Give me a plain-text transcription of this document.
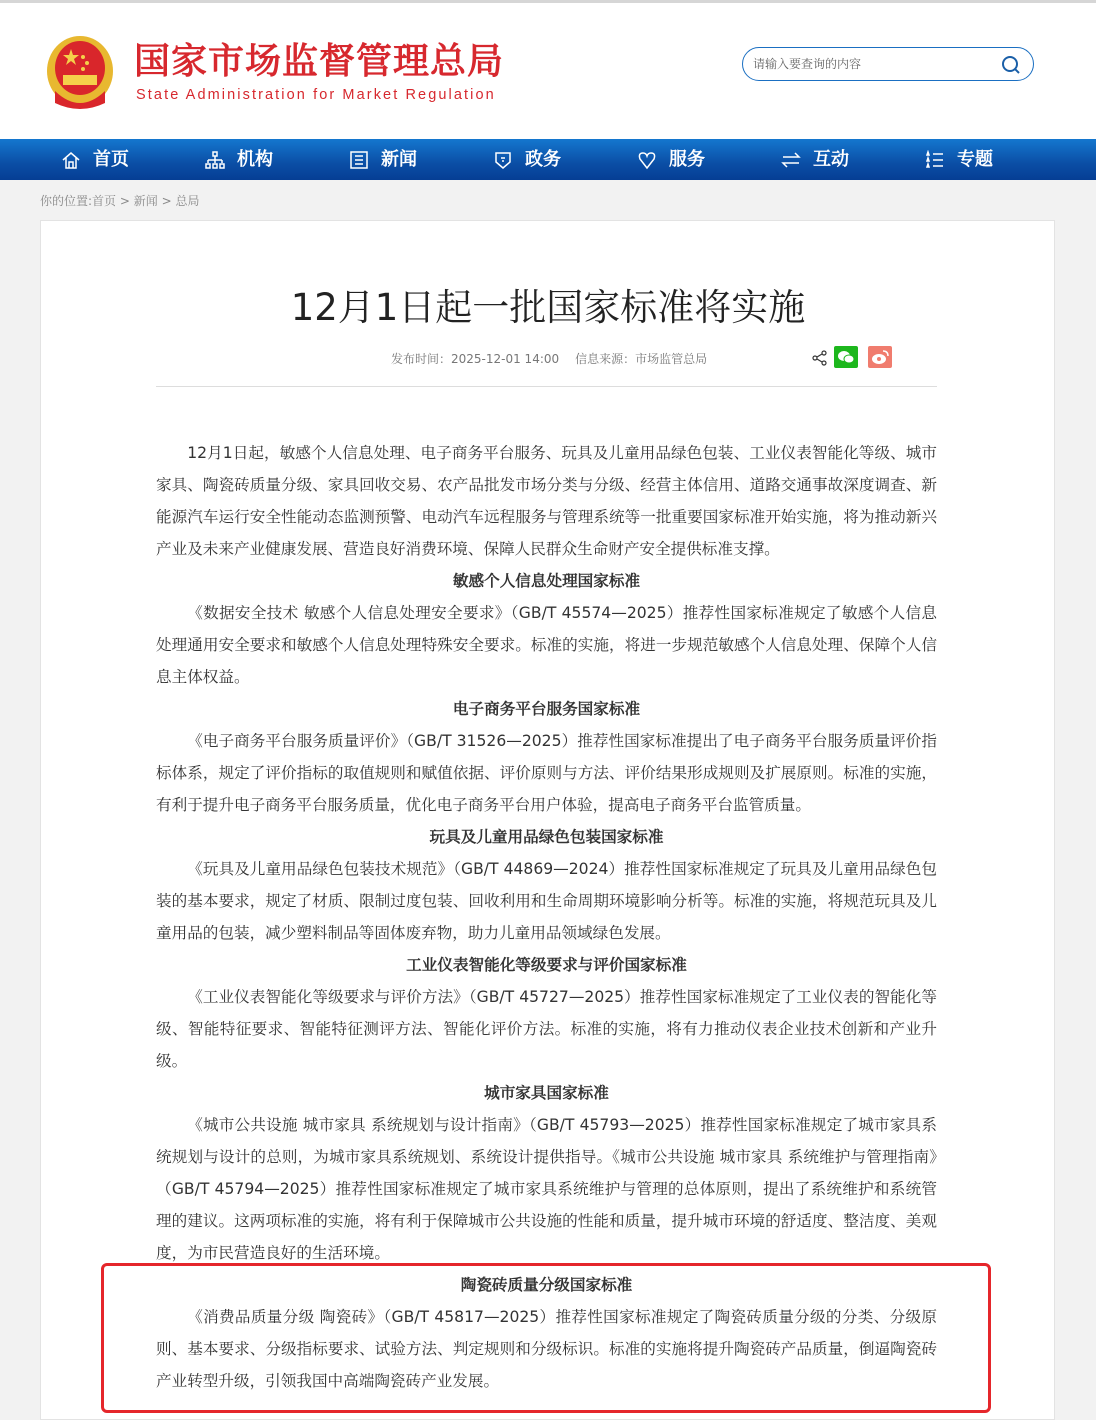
国家市场监督管理总局
State Administration for Market Regulation
请输入要查询的内容
首页	机构	新闻	政务	服务	互动	专题
你的位置:首页 > 新闻 > 总局
12月1日起一批国家标准将实施
发布时间：2025-12-01 14:00 信息来源：市场监管总局

12月1日起，敏感个人信息处理、电子商务平台服务、玩具及儿童用品绿色包装、工业仪表智能化等级、城市家具、陶瓷砖质量分级、家具回收交易、农产品批发市场分类与分级、经营主体信用、道路交通事故深度调查、新能源汽车运行安全性能动态监测预警、电动汽车远程服务与管理系统等一批重要国家标准开始实施，将为推动新兴产业及未来产业健康发展、营造良好消费环境、保障人民群众生命财产安全提供标准支撑。

敏感个人信息处理国家标准

《数据安全技术 敏感个人信息处理安全要求》（GB/T 45574—2025）推荐性国家标准规定了敏感个人信息处理通用安全要求和敏感个人信息处理特殊安全要求。标准的实施，将进一步规范敏感个人信息处理、保障个人信息主体权益。

电子商务平台服务国家标准

《电子商务平台服务质量评价》（GB/T 31526—2025）推荐性国家标准提出了电子商务平台服务质量评价指标体系，规定了评价指标的取值规则和赋值依据、评价原则与方法、评价结果形成规则及扩展原则。标准的实施，有利于提升电子商务平台服务质量，优化电子商务平台用户体验，提高电子商务平台监管质量。

玩具及儿童用品绿色包装国家标准

《玩具及儿童用品绿色包装技术规范》（GB/T 44869—2024）推荐性国家标准规定了玩具及儿童用品绿色包装的基本要求，规定了材质、限制过度包装、回收利用和生命周期环境影响分析等。标准的实施，将规范玩具及儿童用品的包装，减少塑料制品等固体废弃物，助力儿童用品领域绿色发展。

工业仪表智能化等级要求与评价国家标准

《工业仪表智能化等级要求与评价方法》（GB/T 45727—2025）推荐性国家标准规定了工业仪表的智能化等级、智能特征要求、智能特征测评方法、智能化评价方法。标准的实施，将有力推动仪表企业技术创新和产业升级。

城市家具国家标准

《城市公共设施 城市家具 系统规划与设计指南》（GB/T 45793—2025）推荐性国家标准规定了城市家具系统规划与设计的总则，为城市家具系统规划、系统设计提供指导。《城市公共设施 城市家具 系统维护与管理指南》（GB/T 45794—2025）推荐性国家标准规定了城市家具系统维护与管理的总体原则，提出了系统维护和系统管理的建议。这两项标准的实施，将有利于保障城市公共设施的性能和质量，提升城市环境的舒适度、整洁度、美观度，为市民营造良好的生活环境。

陶瓷砖质量分级国家标准

《消费品质量分级 陶瓷砖》（GB/T 45817—2025）推荐性国家标准规定了陶瓷砖质量分级的分类、分级原则、基本要求、分级指标要求、试验方法、判定规则和分级标识。标准的实施将提升陶瓷砖产品质量，倒逼陶瓷砖产业转型升级，引领我国中高端陶瓷砖产业发展。
